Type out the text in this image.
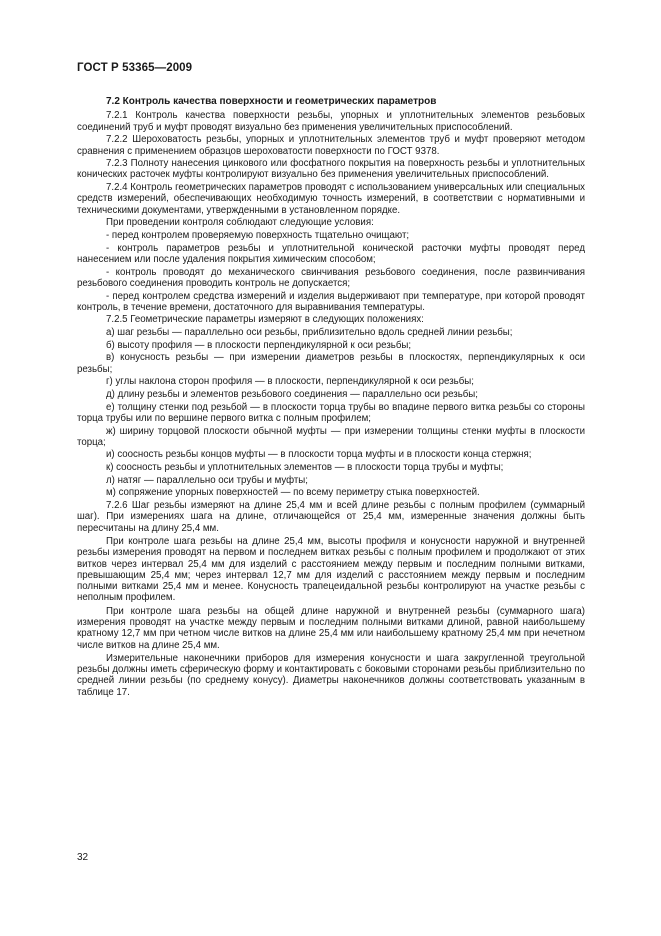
ГОСТ Р 53365—2009
7.2 Контроль качества поверхности и геометрических параметров

7.2.1 Контроль качества поверхности резьбы, упорных и уплотнительных элементов резьбовых соединений труб и муфт проводят визуально без применения увеличительных приспособлений.

7.2.2 Шероховатость резьбы, упорных и уплотнительных элементов труб и муфт проверяют методом сравнения с применением образцов шероховатости поверхности по ГОСТ 9378.

7.2.3 Полноту нанесения цинкового или фосфатного покрытия на поверхность резьбы и уплотнительных конических расточек муфты контролируют визуально без применения увеличительных приспособлений.

7.2.4 Контроль геометрических параметров проводят с использованием универсальных или специальных средств измерений, обеспечивающих необходимую точность измерений, в соответствии с нормативными и техническими документами, утвержденными в установленном порядке.

При проведении контроля соблюдают следующие условия:

- перед контролем проверяемую поверхность тщательно очищают;

- контроль параметров резьбы и уплотнительной конической расточки муфты проводят перед нанесением или после удаления покрытия химическим способом;

- контроль проводят до механического свинчивания резьбового соединения, после развинчивания резьбового соединения проводить контроль не допускается;

- перед контролем средства измерений и изделия выдерживают при температуре, при которой проводят контроль, в течение времени, достаточного для выравнивания температуры.

7.2.5 Геометрические параметры измеряют в следующих положениях:

а) шаг резьбы — параллельно оси резьбы, приблизительно вдоль средней линии резьбы;

б) высоту профиля — в плоскости перпендикулярной к оси резьбы;

в) конусность резьбы — при измерении диаметров резьбы в плоскостях, перпендикулярных к оси резьбы;

г) углы наклона сторон профиля — в плоскости, перпендикулярной к оси резьбы;

д) длину резьбы и элементов резьбового соединения — параллельно оси резьбы;

е) толщину стенки под резьбой — в плоскости торца трубы во впадине первого витка резьбы со стороны торца трубы или по вершине первого витка с полным профилем;

ж) ширину торцовой плоскости обычной муфты — при измерении толщины стенки муфты в плоскости торца;

и) соосность резьбы концов муфты — в плоскости торца муфты и в плоскости конца стержня;

к) соосность резьбы и уплотнительных элементов — в плоскости торца трубы и муфты;

л) натяг — параллельно оси трубы и муфты;

м) сопряжение упорных поверхностей — по всему периметру стыка поверхностей.

7.2.6 Шаг резьбы измеряют на длине 25,4 мм и всей длине резьбы с полным профилем (суммарный шаг). При измерениях шага на длине, отличающейся от 25,4 мм, измеренные значения должны быть пересчитаны на длину 25,4 мм.

При контроле шага резьбы на длине 25,4 мм, высоты профиля и конусности наружной и внутренней резьбы измерения проводят на первом и последнем витках резьбы с полным профилем и продолжают от этих витков через интервал 25,4 мм для изделий с расстоянием между первым и последним полными витками, превышающим 25,4 мм; через интервал 12,7 мм для изделий с расстоянием между первым и последним полными витками 25,4 мм и менее. Конусность трапецеидальной резьбы контролируют на участке резьбы с неполным профилем.

При контроле шага резьбы на общей длине наружной и внутренней резьбы (суммарного шага) измерения проводят на участке между первым и последним полными витками длиной, равной наибольшему кратному 12,7 мм при четном числе витков на длине 25,4 мм или наибольшему кратному 25,4 мм при нечетном числе витков на длине 25,4 мм.

Измерительные наконечники приборов для измерения конусности и шага закругленной треугольной резьбы должны иметь сферическую форму и контактировать с боковыми сторонами резьбы приблизительно по средней линии резьбы (по среднему конусу). Диаметры наконечников должны соответствовать указанным в таблице 17.

32
